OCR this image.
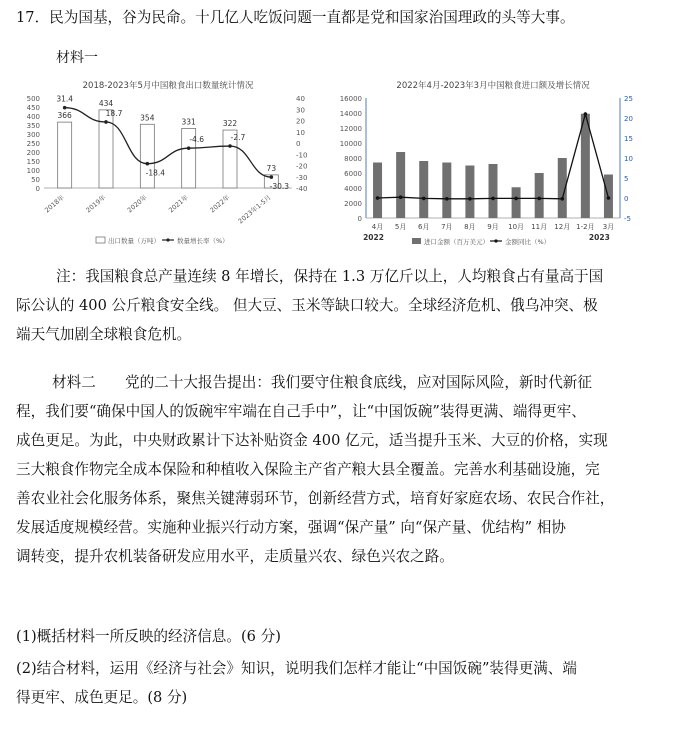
17．民为国基，谷为民命。十几亿人吃饭问题一直都是党和国家治国理政的头等大事。
材料一
2018-2023年5月中国粮食出口数量统计情况
500
450
400
350
300
250
200
150
100
50
0
40
30
20
10
0
-10
-20
-30
-40
366
2018年
434
2019年
354
2020年
331
2021年
322
2022年
73
2023年1-5月
31.4
18.7
-18.4
-4.6	-2.7
-30.3
出口数量（万吨）	数量增长率（%）
2022年4月-2023年3月中国粮食进口额及增长情况
16000
14000
12000
10000
8000
6000
4000
2000
0
25
20
15
10
5
0
-5
4月 5月 6月 7月 8月 9月 10月 11月 12月 1-2月 3月
2022	2023
进口金额（百万美元） 金额同比（%）
注：我国粮食总产量连续 8 年增长，保持在 1.3 万亿斤以上，人均粮食占有量高于国
际公认的 400 公斤粮食安全线。 但大豆、玉米等缺口较大。全球经济危机、俄乌冲突、极
端天气加剧全球粮食危机。
材料二　　党的二十大报告提出：我们要守住粮食底线，应对国际风险，新时代新征
程，我们要“确保中国人的饭碗牢牢端在自己手中”，让“中国饭碗”装得更满、端得更牢、
成色更足。为此，中央财政累计下达补贴资金 400 亿元，适当提升玉米、大豆的价格，实现
三大粮食作物完全成本保险和种植收入保险主产省产粮大县全覆盖。完善水利基础设施，完
善农业社会化服务体系，聚焦关键薄弱环节，创新经营方式，培育好家庭农场、农民合作社，
发展适度规模经营。实施种业振兴行动方案，强调“保产量” 向“保产量、优结构” 相协
调转变，提升农机装备研发应用水平，走质量兴农、绿色兴农之路。
(1)概括材料一所反映的经济信息。(6 分)
(2)结合材料，运用《经济与社会》知识，说明我们怎样才能让“中国饭碗”装得更满、端
得更牢、成色更足。(8 分)
